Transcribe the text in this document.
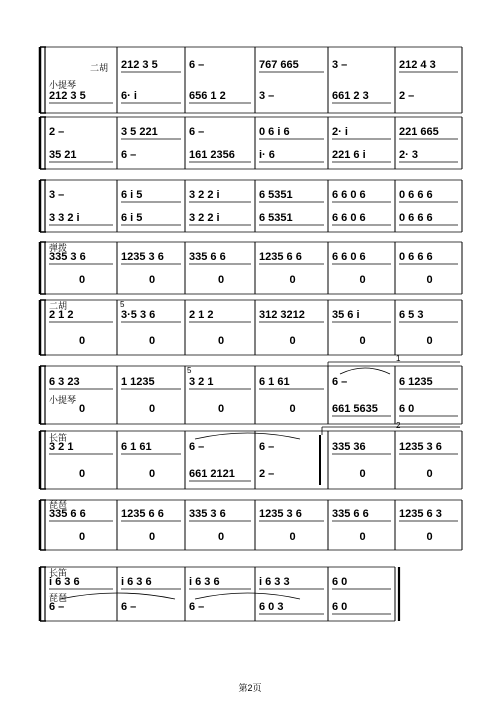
二胡 212 3 5	6 –	767 665	3 –	212 4 3
小提琴
212 3 5	6· i	656 1 2	3 –	661 2 3	2 –
2 –	3 5 221	6 –	0 6 i 6	2· i	221 665
35 21	6 –	161 2356	i· 6	221 6 i	2· 3
3 –	6 i 5	3 2 2 i	6 5351	6 6 0 6	0 6 6 6
3 3 2 i	6 i 5	3 2 2 i	6 5351	6 6 0 6	0 6 6 6
弹拨
335 3 6	1235 3 6	335 6 6	1235 6 6	6 6 0 6	0 6 6 6
0	0	0	0	0	0
二胡
2 1 2	3·5 3 6	2 1 2	312 3212	35 6 i	6 5 3
0	0	0	0	0	0
6 3 23	1 1235	3 2 1	6 1 61	6 –	6 1235
小提琴
0	0	0	0	661 5635	6 0
长笛
3 2 1	6 1 61	6 –	6 –	335 36	1235 3 6
0	0	661 2121	2 –	0	0
琵琶
335 6 6	1235 6 6	335 3 6	1235 3 6	335 6 6	1235 6 3
0	0	0	0	0	0
长笛
i 6 3 6	i 6 3 6	i 6 3 6	i 6 3 3	6 0
琵琶
6 –	6 –	6 –	6 0 3	6 0
1
2
5
5
第2页
